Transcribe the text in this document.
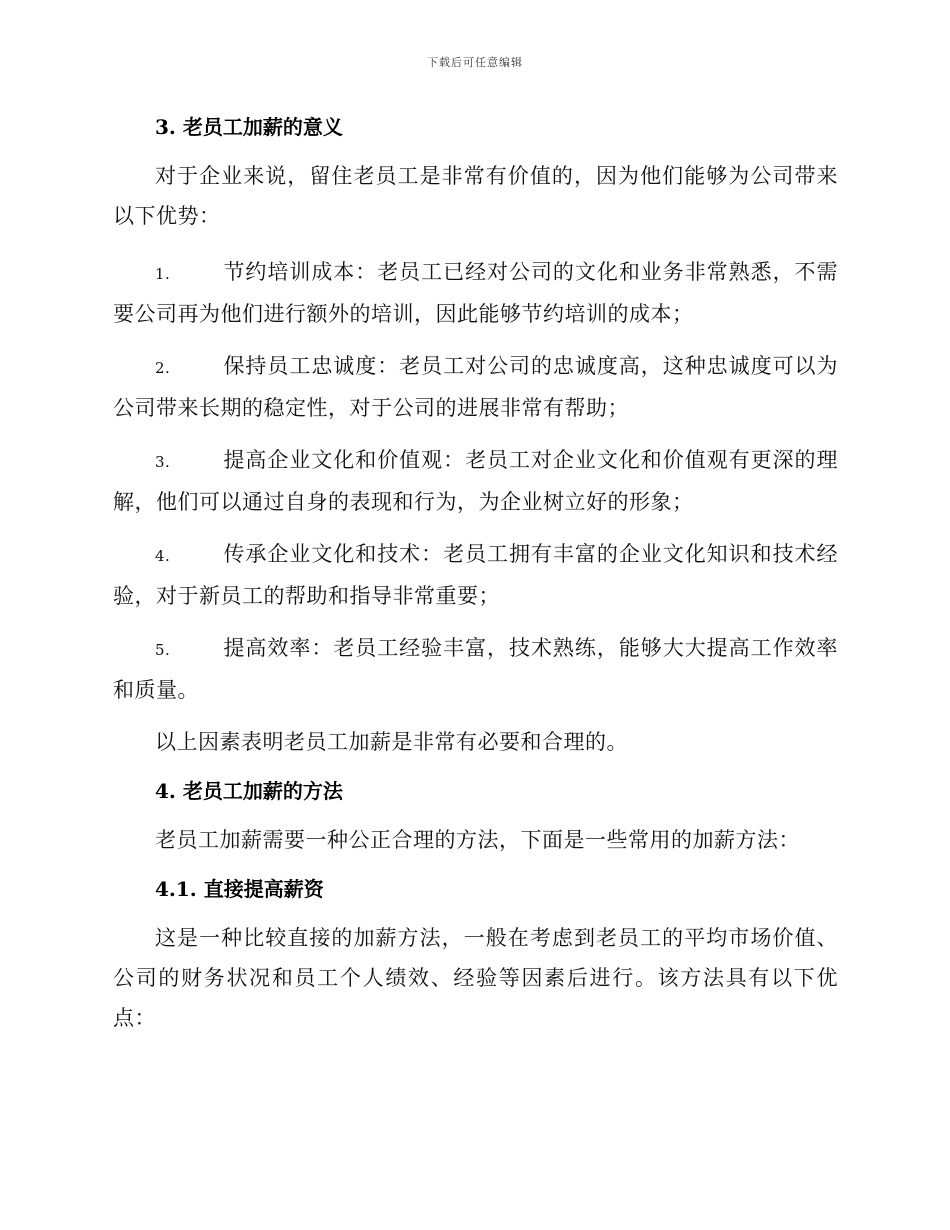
下载后可任意编辑
3. 老员工加薪的意义

对于企业来说，留住老员工是非常有价值的，因为他们能够为公司带来以下优势：

1.	节约培训成本：老员工已经对公司的文化和业务非常熟悉，不需要公司再为他们进行额外的培训，因此能够节约培训的成本；

2.	保持员工忠诚度：老员工对公司的忠诚度高，这种忠诚度可以为公司带来长期的稳定性，对于公司的进展非常有帮助；

3.	提高企业文化和价值观：老员工对企业文化和价值观有更深的理解，他们可以通过自身的表现和行为，为企业树立好的形象；

4.	传承企业文化和技术：老员工拥有丰富的企业文化知识和技术经验，对于新员工的帮助和指导非常重要；

5.	提高效率：老员工经验丰富，技术熟练，能够大大提高工作效率和质量。

以上因素表明老员工加薪是非常有必要和合理的。

4. 老员工加薪的方法

老员工加薪需要一种公正合理的方法，下面是一些常用的加薪方法：

4.1. 直接提高薪资

这是一种比较直接的加薪方法，一般在考虑到老员工的平均市场价值、公司的财务状况和员工个人绩效、经验等因素后进行。该方法具有以下优点：
